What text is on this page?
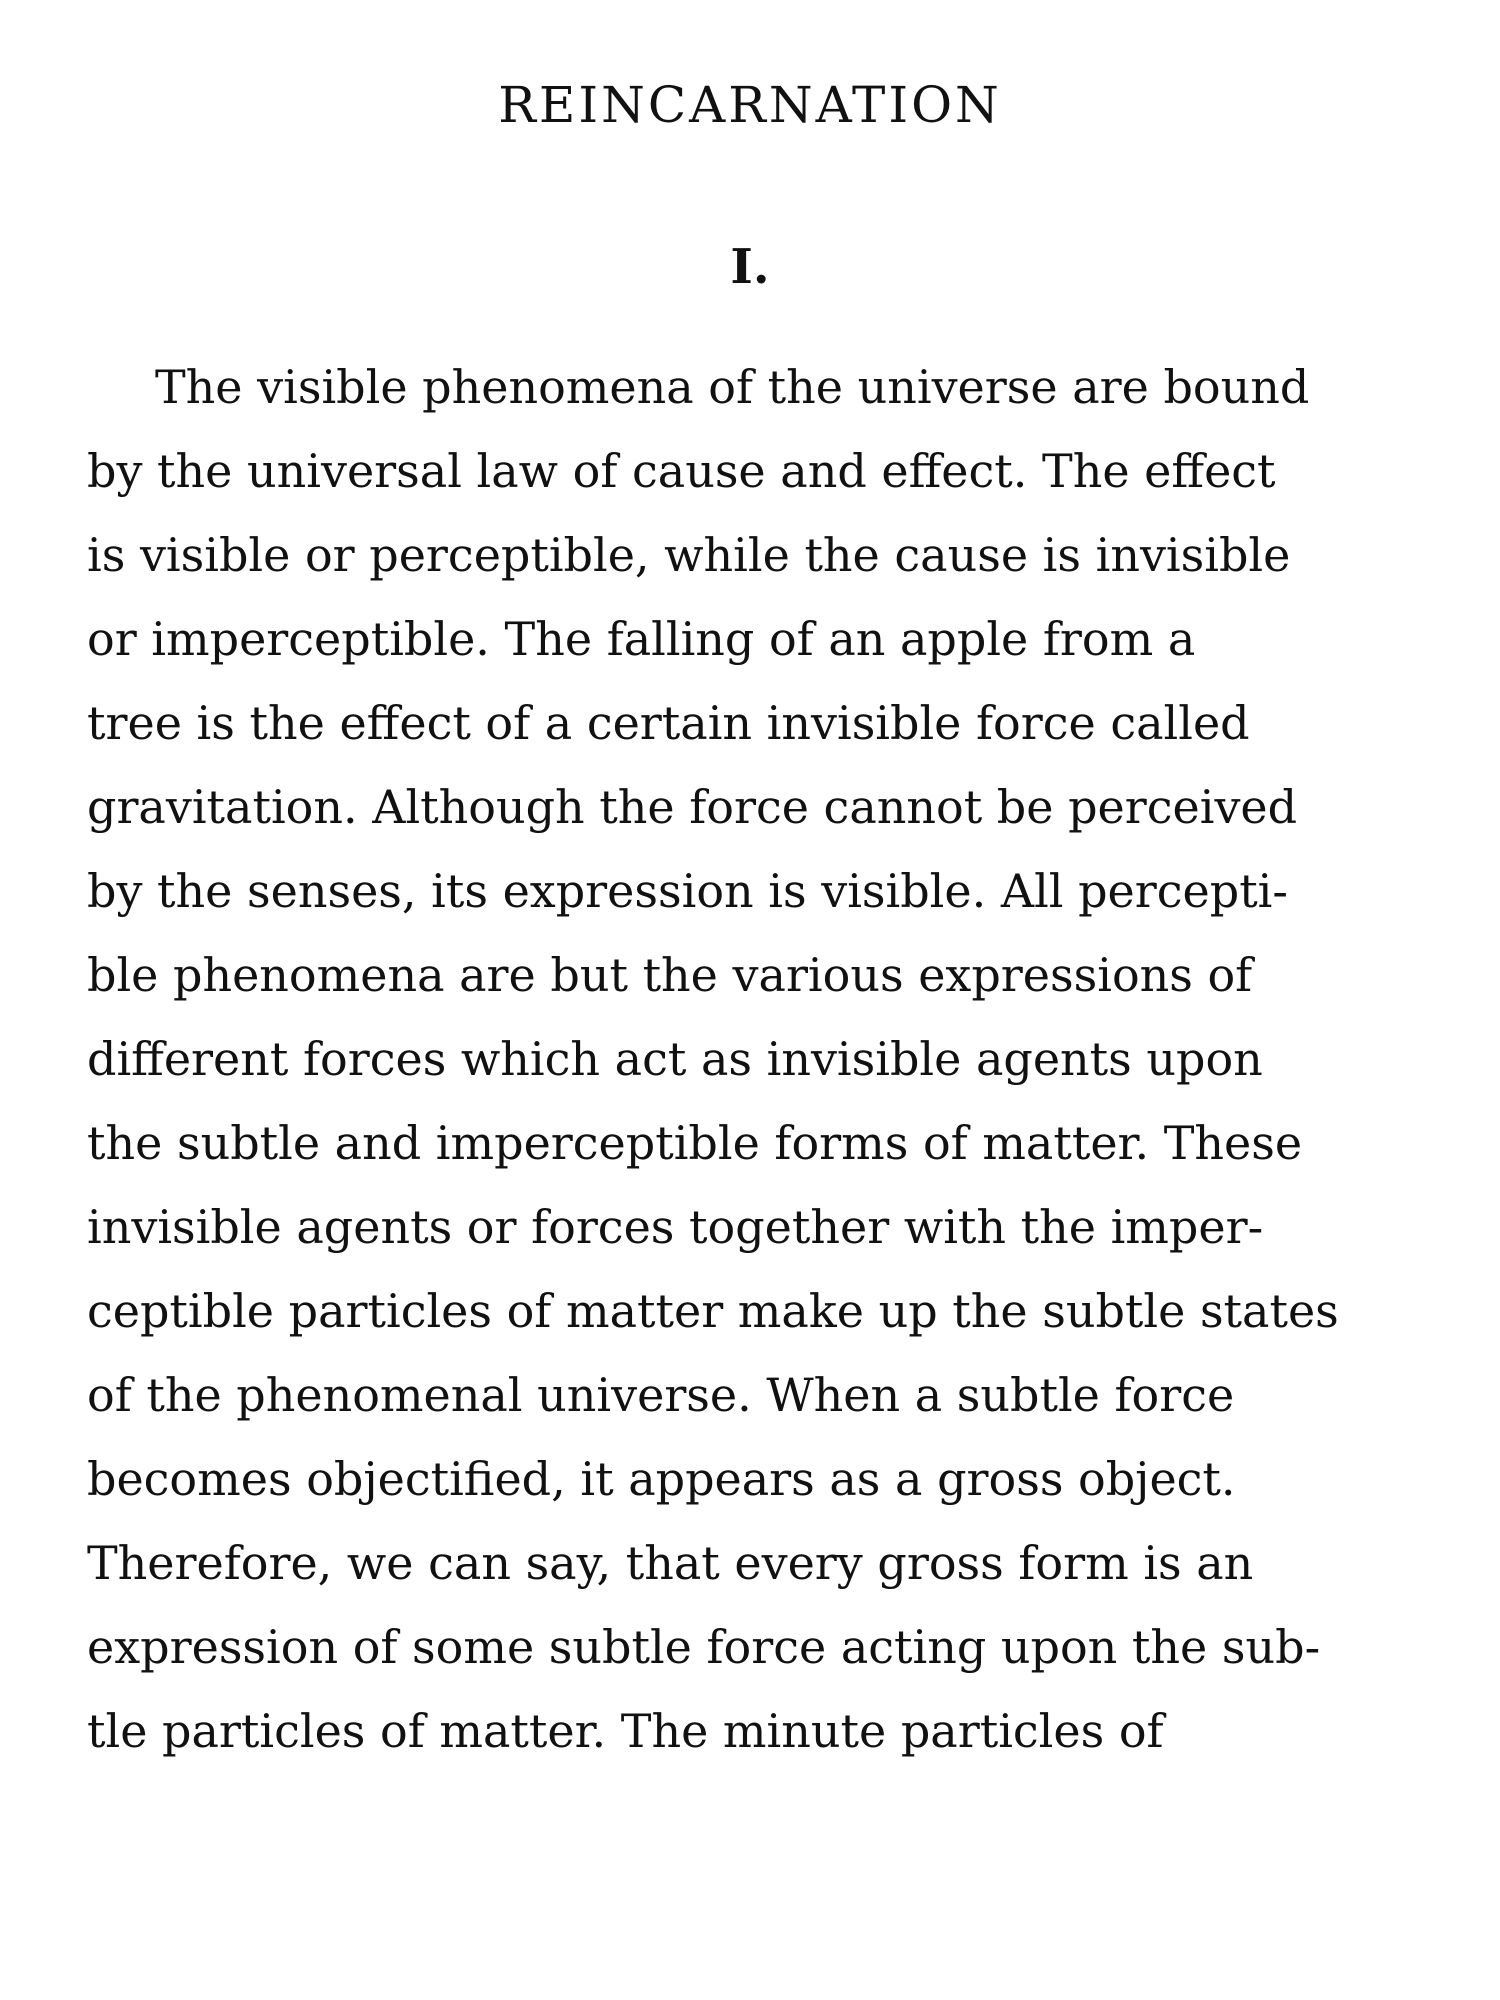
REINCARNATION
I.
The visible phenomena of the universe are bound
by the universal law of cause and effect. The effect
is visible or perceptible, while the cause is invisible
or imperceptible. The falling of an apple from a
tree is the effect of a certain invisible force called
gravitation. Although the force cannot be perceived
by the senses, its expression is visible. All percepti-
ble phenomena are but the various expressions of
different forces which act as invisible agents upon
the subtle and imperceptible forms of matter. These
invisible agents or forces together with the imper-
ceptible particles of matter make up the subtle states
of the phenomenal universe. When a subtle force
becomes objectified, it appears as a gross object.
Therefore, we can say, that every gross form is an
expression of some subtle force acting upon the sub-
tle particles of matter. The minute particles of
